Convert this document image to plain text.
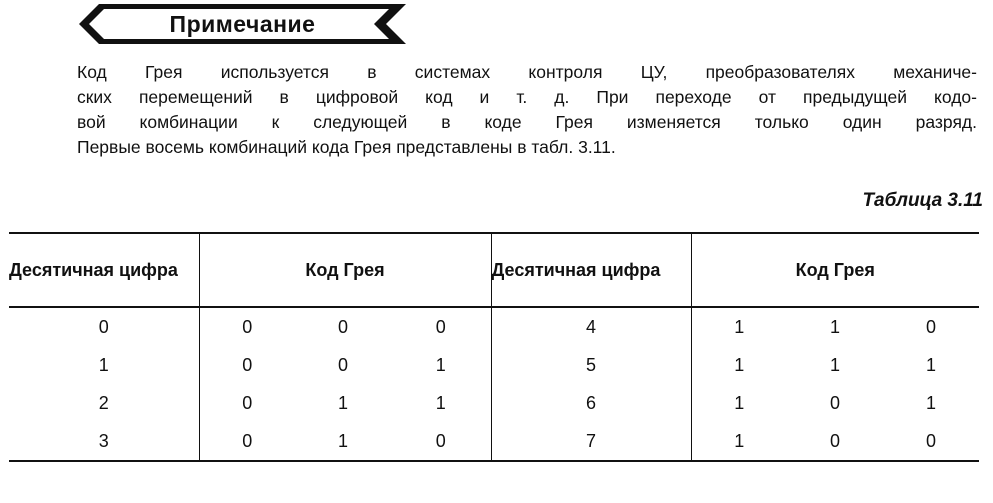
Примечание
Код Грея используется в системах контроля ЦУ, преобразователях механиче-
ских перемещений в цифровой код и т. д. При переходе от предыдущей кодо-
вой комбинации к следующей в коде Грея изменяется только один разряд.
Первые восемь комбинаций кода Грея представлены в табл. 3.11.

Таблица 3.11

Десятичная цифра	Код Грея			Десятичная цифра	Код Грея		
0	0	0	0	4	1	1	0
1	0	0	1	5	1	1	1
2	0	1	1	6	1	0	1
3	0	1	0	7	1	0	0
